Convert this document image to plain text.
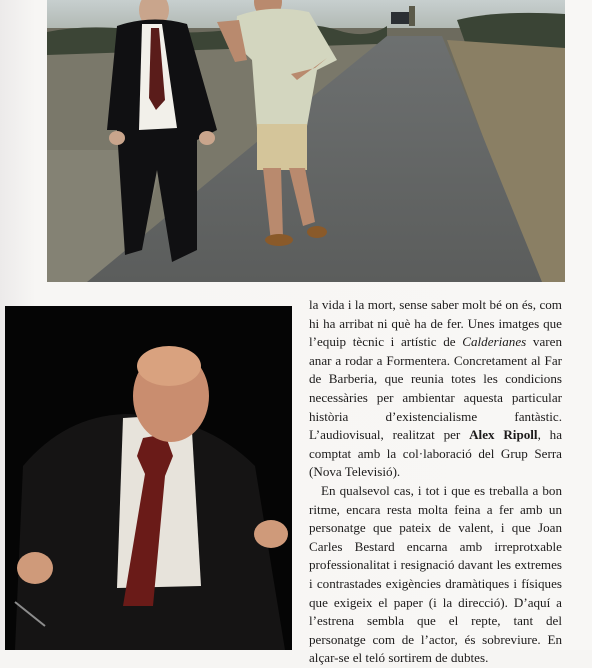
la vida i la mort, sense saber molt bé on és, com hi ha arribat ni què ha de fer. Unes imatges que l’equip tècnic i artístic de Calderianes varen anar a rodar a Formentera. Concretament al Far de Barberia, que reunia totes les condicions necessàries per ambientar aquesta particular història d’existencialisme fantàstic. L’audiovisual, realitzat per Alex Ripoll, ha comptat amb la col·laboració del Grup Serra (Nova Televisió).

En qualsevol cas, i tot i que es treballa a bon ritme, encara resta molta feina a fer amb un personatge que pateix de valent, i que Joan Carles Bestard encarna amb irreprotxable professionalitat i resignació davant les extremes i contrastades exigències dramàtiques i físiques que exigeix el paper (i la direcció). D’aquí a l’estrena sembla que el repte, tant del personatge com de l’actor, és sobreviure. En alçar-se el teló sortirem de dubtes.
